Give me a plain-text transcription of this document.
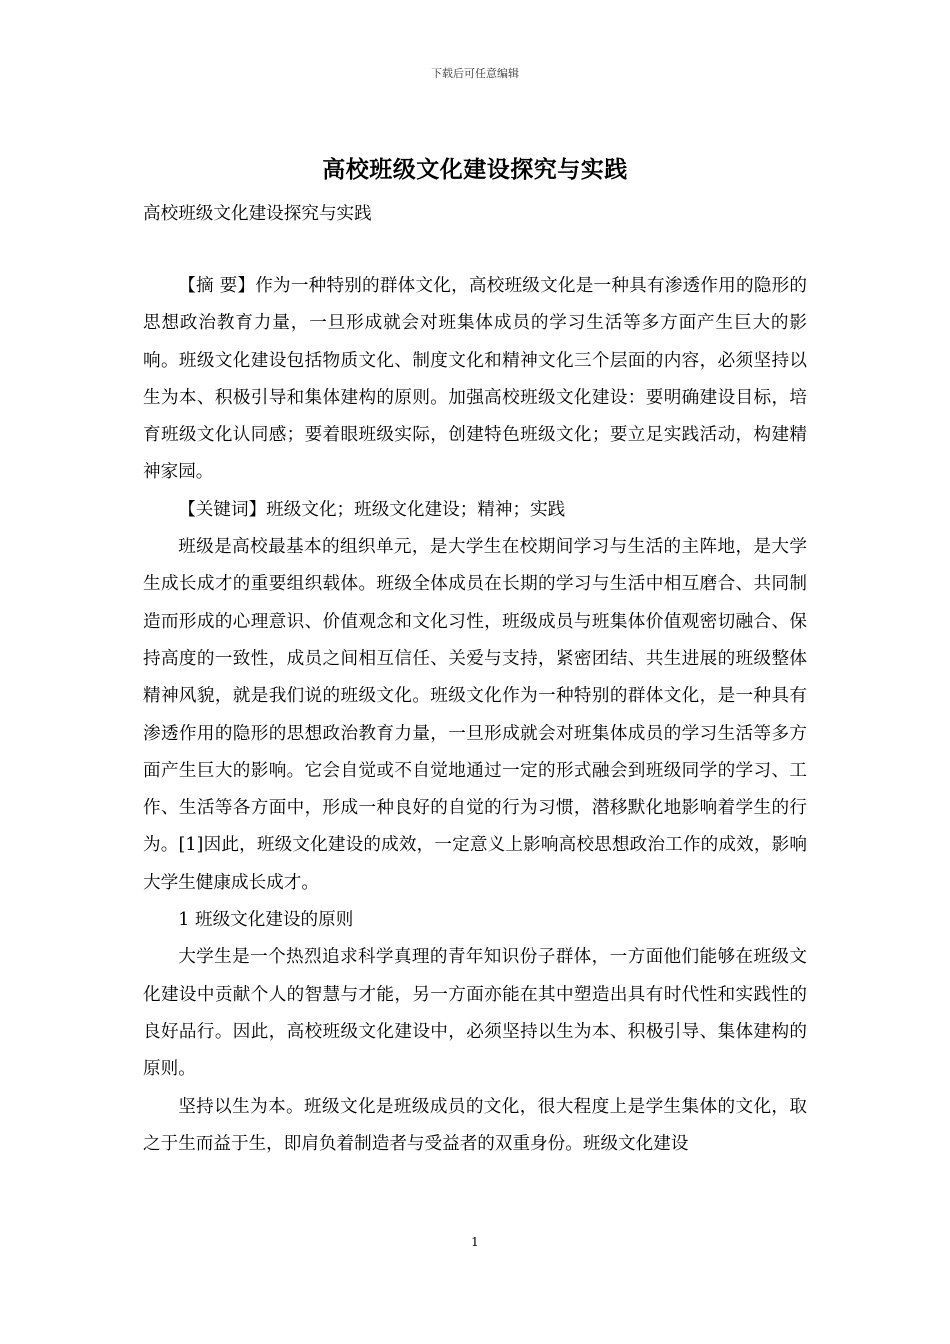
下载后可任意编辑
高校班级文化建设探究与实践
高校班级文化建设探究与实践

【摘 要】作为一种特别的群体文化，高校班级文化是一种具有渗透作用的隐形的思想政治教育力量，一旦形成就会对班集体成员的学习生活等多方面产生巨大的影响。班级文化建设包括物质文化、制度文化和精神文化三个层面的内容，必须坚持以生为本、积极引导和集体建构的原则。加强高校班级文化建设：要明确建设目标，培育班级文化认同感；要着眼班级实际，创建特色班级文化；要立足实践活动，构建精神家园。

【关键词】班级文化；班级文化建设；精神；实践

班级是高校最基本的组织单元，是大学生在校期间学习与生活的主阵地，是大学生成长成才的重要组织载体。班级全体成员在长期的学习与生活中相互磨合、共同制造而形成的心理意识、价值观念和文化习性，班级成员与班集体价值观密切融合、保持高度的一致性，成员之间相互信任、关爱与支持，紧密团结、共生进展的班级整体精神风貌，就是我们说的班级文化。班级文化作为一种特别的群体文化，是一种具有渗透作用的隐形的思想政治教育力量，一旦形成就会对班集体成员的学习生活等多方面产生巨大的影响。它会自觉或不自觉地通过一定的形式融会到班级同学的学习、工作、生活等各方面中，形成一种良好的自觉的行为习惯，潜移默化地影响着学生的行为。[1]因此，班级文化建设的成效，一定意义上影响高校思想政治工作的成效，影响大学生健康成长成才。

1 班级文化建设的原则

大学生是一个热烈追求科学真理的青年知识份子群体，一方面他们能够在班级文化建设中贡献个人的智慧与才能，另一方面亦能在其中塑造出具有时代性和实践性的良好品行。因此，高校班级文化建设中，必须坚持以生为本、积极引导、集体建构的原则。

坚持以生为本。班级文化是班级成员的文化，很大程度上是学生集体的文化，取之于生而益于生，即肩负着制造者与受益者的双重身份。班级文化建设

1
